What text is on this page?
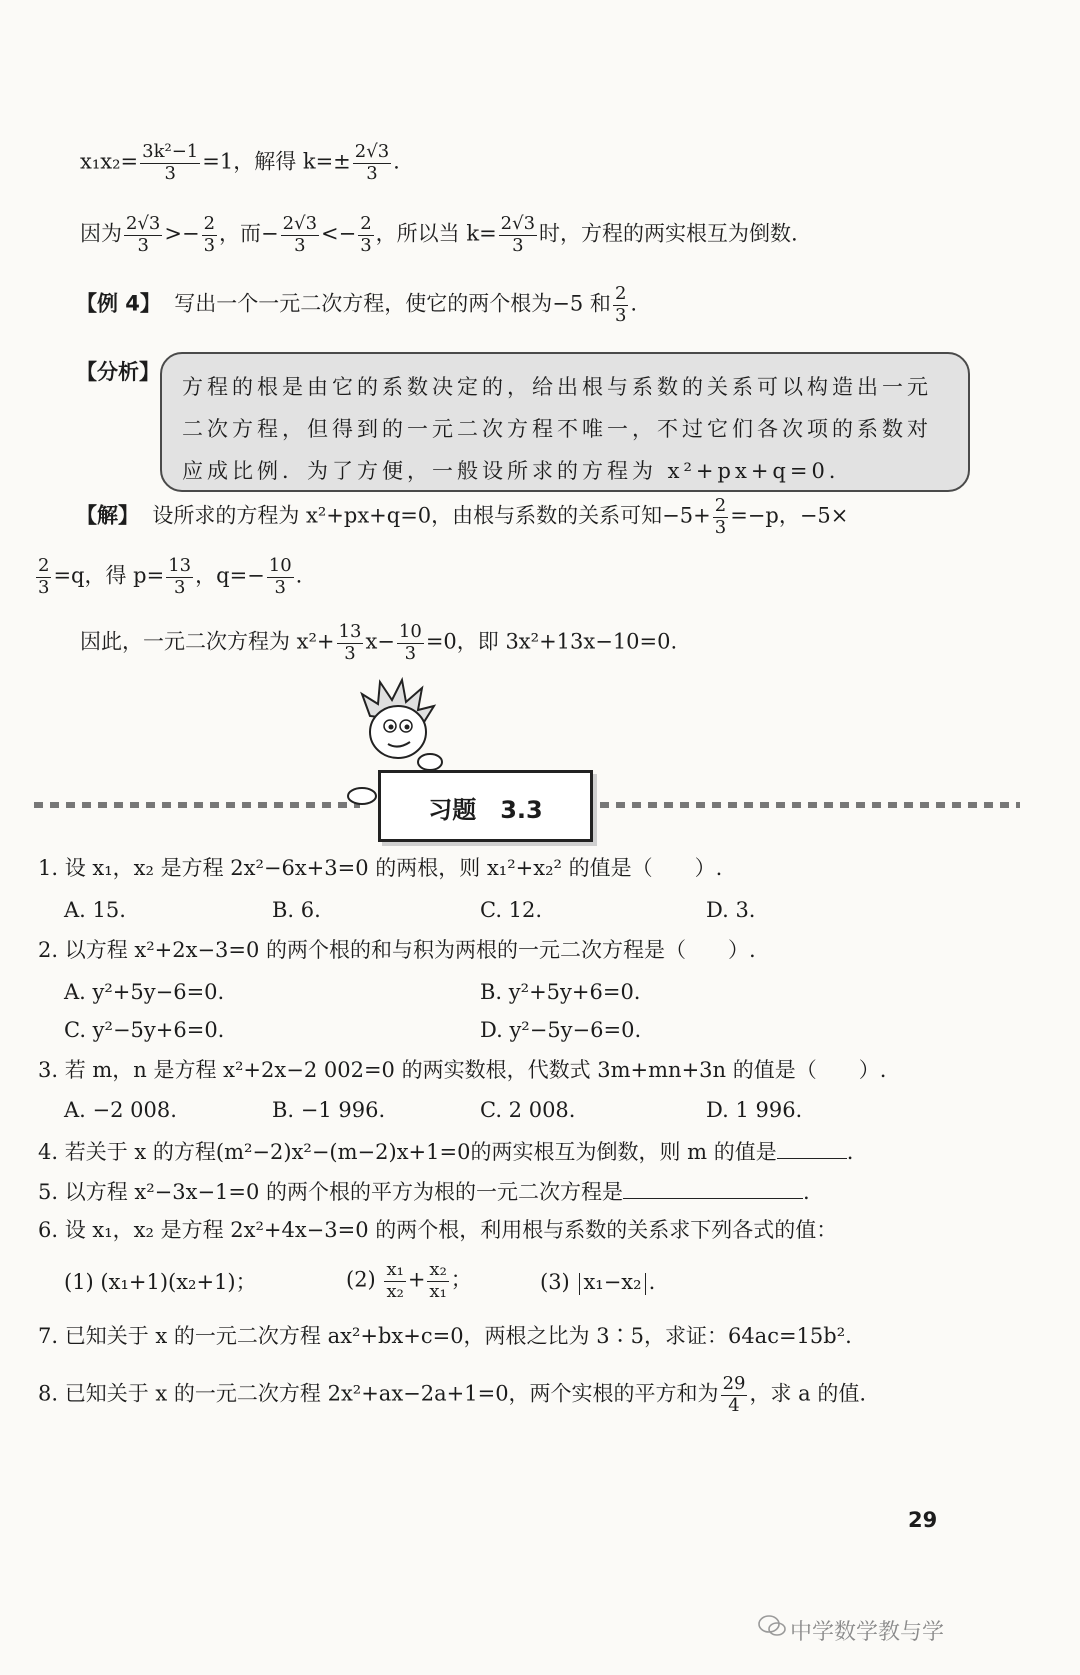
$x_1x_2= \frac{\text{3k²−1}}{3} =1$，解得 $k=\pm \frac{2√3}{3}$ .
因为 $\frac{2√3}{3} >- \frac{2}{3}$ ，而− $\frac{2√3}{3} <- \frac{2}{3}$ ，所以当 $k= \frac{2√3}{3}$ 时，方程的两实根互为倒数.
【例 4】 写出一个一元二次方程，使它的两个根为−5 和 $\frac{2}{3}$ .
【分析】
方程的根是由它的系数决定的，给出根与系数的关系可以构造出一元二次方程，但得到的一元二次方程不唯一，不过它们各次项的系数对应成比例．为了方便，一般设所求的方程为 x²+px+q=0.
【解】 设所求的方程为 x²+px+q=0，由根与系数的关系可知$-5+ \frac{2}{3} =-p$，−5×
$\frac{2}{3} =q$，得 $p= \frac{13}{3}$ ，$q=- \frac{10}{3}$ .
因此，一元二次方程为 $x^2+ \frac{13}{3} x- \frac{10}{3} =0$，即 3x²+13x−10=0.
习题　3.3
1. 设 x₁，x₂ 是方程 2x²−6x+3=0 的两根，则 x₁²+x₂² 的值是（　　）.
A. 15.	B. 6.	C. 12.	D. 3.
2. 以方程 x²+2x−3=0 的两个根的和与积为两根的一元二次方程是（　　）.
A. y²+5y−6=0.	B. y²+5y+6=0.
C. y²−5y+6=0.	D. y²−5y−6=0.
3. 若 m，n 是方程 x²+2x−2 002=0 的两实数根，代数式 3m+mn+3n 的值是（　　）.
A. −2 008.	B. −1 996.	C. 2 008.	D. 1 996.
4. 若关于 x 的方程(m²−2)x²−(m−2)x+1=0的两实根互为倒数，则 m 的值是	.
5. 以方程 x²−3x−1=0 的两个根的平方为根的一元二次方程是	.
6. 设 x₁，x₂ 是方程 2x²+4x−3=0 的两个根，利用根与系数的关系求下列各式的值：
(1) (x₁+1)(x₂+1)；	$(2) \frac{\text{x₁}}{\text{x₂}} + \frac{\text{x₂}}{\text{x₁}}$ ；	(3) x₁−x₂ .
7. 已知关于 x 的一元二次方程 ax²+bx+c=0，两根之比为 3∶5，求证：64ac=15b².
8. 已知关于 x 的一元二次方程 2x²+ax−2a+1=0，两个实根的平方和为 $\frac{29}{4}$ ，求 a 的值.
29
中学数学教与学
